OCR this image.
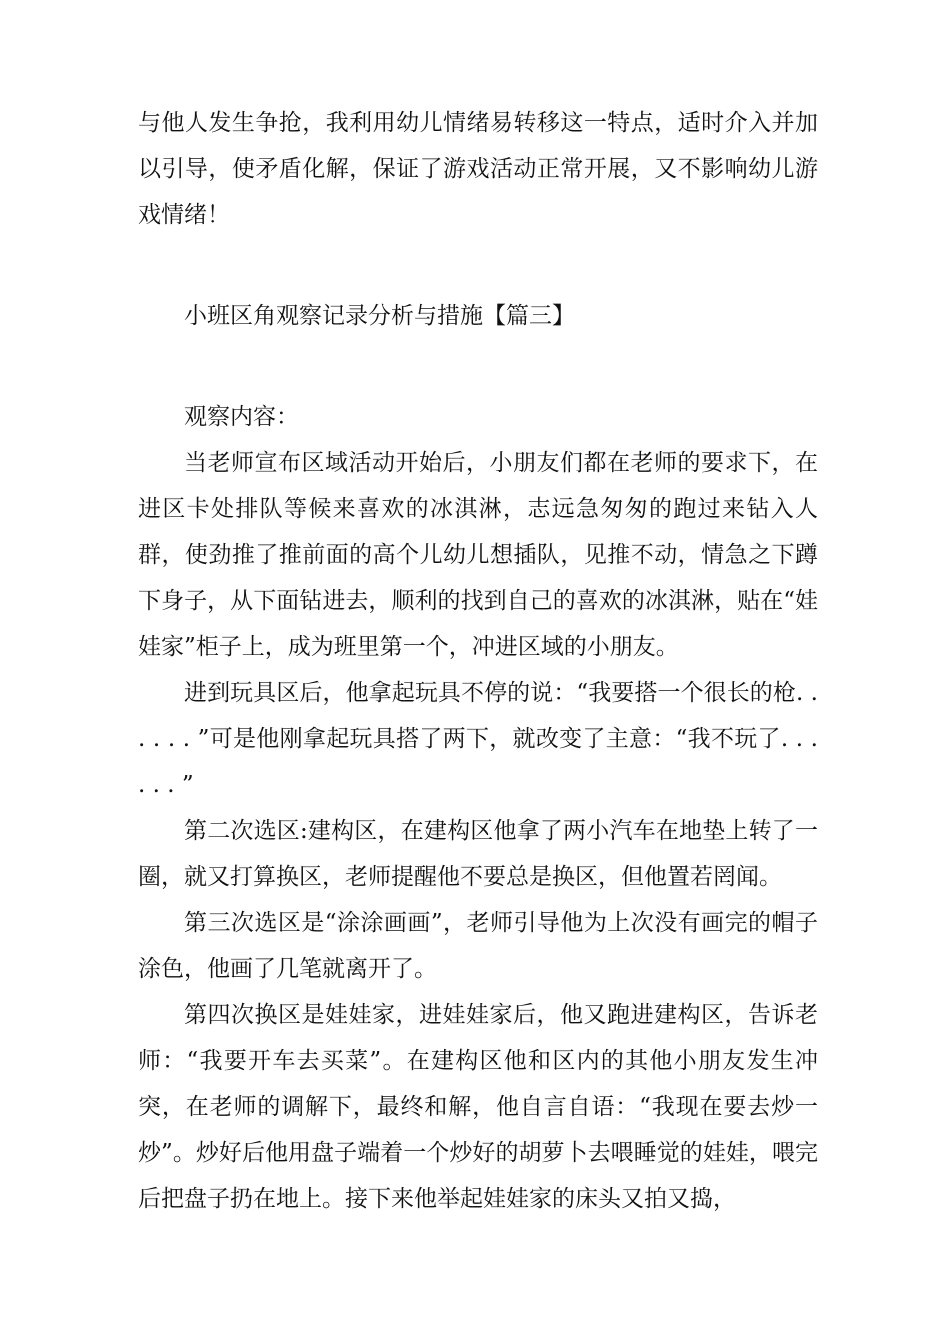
与他人发生争抢，我利用幼儿情绪易转移这一特点，适时介入并加以引导，使矛盾化解，保证了游戏活动正常开展，又不影响幼儿游戏情绪！

小班区角观察记录分析与措施【篇三】

观察内容：

当老师宣布区域活动开始后，小朋友们都在老师的要求下，在进区卡处排队等候来喜欢的冰淇淋，志远急匆匆的跑过来钻入人群，使劲推了推前面的高个儿幼儿想插队，见推不动，情急之下蹲下身子，从下面钻进去，顺利的找到自己的喜欢的冰淇淋，贴在“娃娃家”柜子上，成为班里第一个，冲进区域的小朋友。

进到玩具区后，他拿起玩具不停的说：“我要搭一个很长的枪. . . . . . ”可是他刚拿起玩具搭了两下，就改变了主意：“我不玩了. . . . . . ”

第二次选区:建构区，在建构区他拿了两小汽车在地垫上转了一圈，就又打算换区，老师提醒他不要总是换区，但他置若罔闻。

第三次选区是“涂涂画画”，老师引导他为上次没有画完的帽子涂色，他画了几笔就离开了。

第四次换区是娃娃家，进娃娃家后，他又跑进建构区，告诉老师：“我要开车去买菜”。在建构区他和区内的其他小朋友发生冲突，在老师的调解下，最终和解，他自言自语：“我现在要去炒一炒”。炒好后他用盘子端着一个炒好的胡萝卜去喂睡觉的娃娃，喂完后把盘子扔在地上。接下来他举起娃娃家的床头又拍又捣，
